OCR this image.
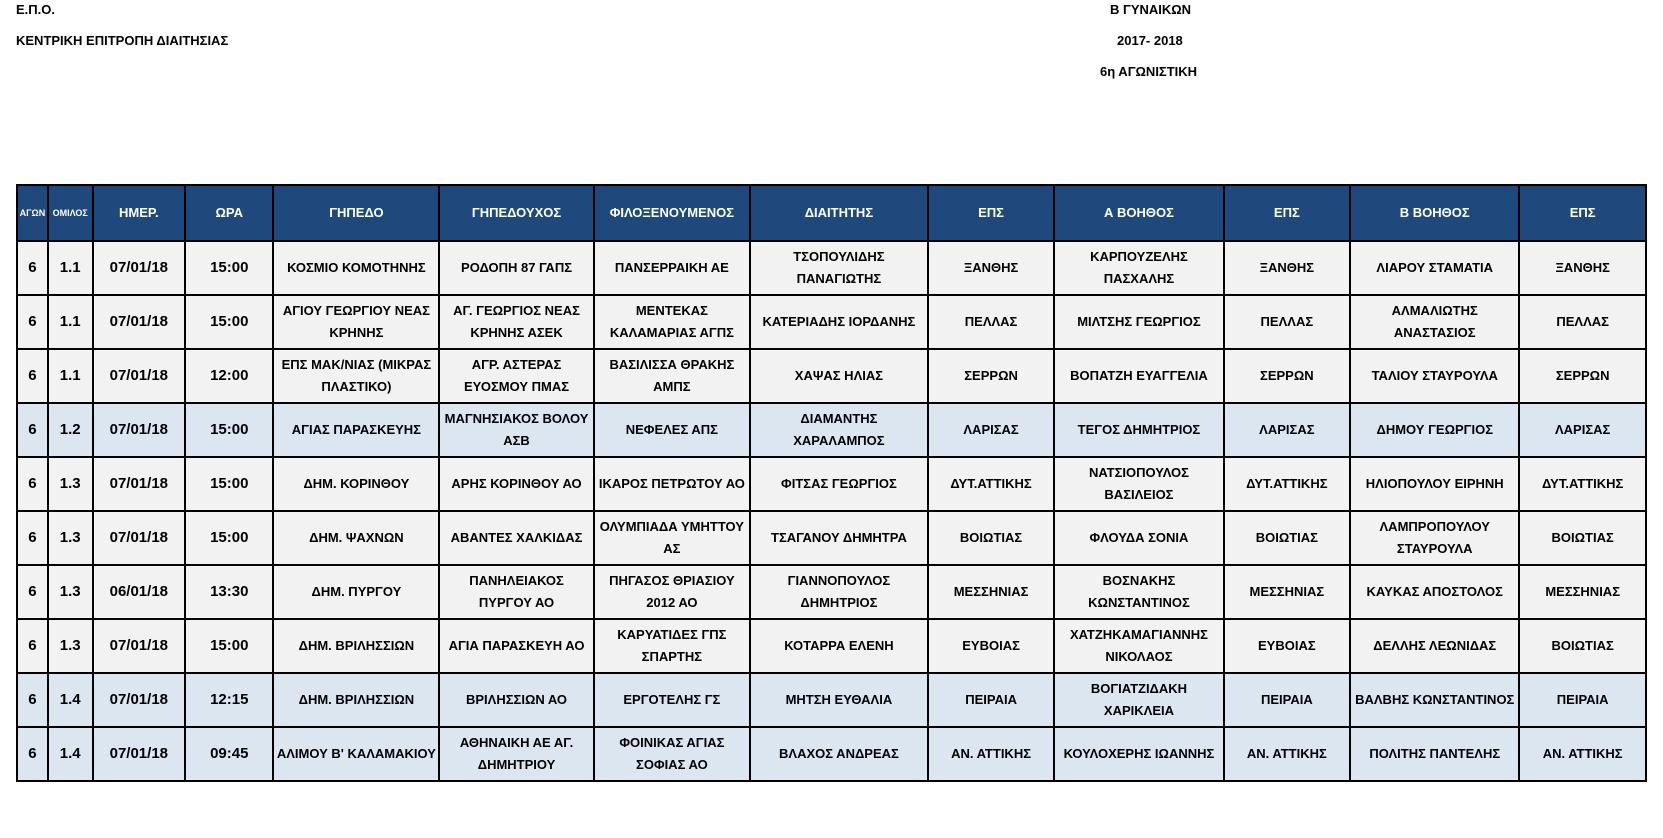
Ε.Π.Ο.
ΚΕΝΤΡΙΚΗ ΕΠΙΤΡΟΠΗ ΔΙΑΙΤΗΣΙΑΣ
Β ΓΥΝΑΙΚΩΝ
2017- 2018
6η ΑΓΩΝΙΣΤΙΚΗ
ΑΓΩΝ	ΟΜΙΛΟΣ	ΗΜΕΡ.	ΩΡΑ	ΓΗΠΕΔΟ	ΓΗΠΕΔΟΥΧΟΣ	ΦΙΛΟΞΕΝΟΥΜΕΝΟΣ	ΔΙΑΙΤΗΤΗΣ	ΕΠΣ	Α ΒΟΗΘΟΣ	ΕΠΣ	Β ΒΟΗΘΟΣ	ΕΠΣ
6	1.1	07/01/18	15:00	ΚΟΣΜΙΟ ΚΟΜΟΤΗΝΗΣ	ΡΟΔΟΠΗ 87 ΓΑΠΣ	ΠΑΝΣΕΡΡΑΙΚΗ ΑΕ	ΤΣΟΠΟΥΛΙΔΗΣ ΠΑΝΑΓΙΩΤΗΣ	ΞΑΝΘΗΣ	ΚΑΡΠΟΥΖΕΛΗΣ ΠΑΣΧΑΛΗΣ	ΞΑΝΘΗΣ	ΛΙΑΡΟΥ ΣΤΑΜΑΤΙΑ	ΞΑΝΘΗΣ
6	1.1	07/01/18	15:00	ΑΓΙΟΥ ΓΕΩΡΓΙΟΥ ΝΕΑΣ ΚΡΗΝΗΣ	ΑΓ. ΓΕΩΡΓΙΟΣ ΝΕΑΣ ΚΡΗΝΗΣ ΑΣΕΚ	ΜΕΝΤΕΚΑΣ ΚΑΛΑΜΑΡΙΑΣ ΑΓΠΣ	ΚΑΤΕΡΙΑΔΗΣ ΙΟΡΔΑΝΗΣ	ΠΕΛΛΑΣ	ΜΙΛΤΣΗΣ ΓΕΩΡΓΙΟΣ	ΠΕΛΛΑΣ	ΑΛΜΑΛΙΩΤΗΣ ΑΝΑΣΤΑΣΙΟΣ	ΠΕΛΛΑΣ
6	1.1	07/01/18	12:00	ΕΠΣ ΜΑΚ/ΝΙΑΣ (ΜΙΚΡΑΣ ΠΛΑΣΤΙΚΟ)	ΑΓΡ. ΑΣΤΕΡΑΣ ΕΥΟΣΜΟΥ ΠΜΑΣ	ΒΑΣΙΛΙΣΣΑ ΘΡΑΚΗΣ ΑΜΠΣ	ΧΑΨΑΣ ΗΛΙΑΣ	ΣΕΡΡΩΝ	ΒΟΠΑΤΖΗ ΕΥΑΓΓΕΛΙΑ	ΣΕΡΡΩΝ	ΤΑΛΙΟΥ ΣΤΑΥΡΟΥΛΑ	ΣΕΡΡΩΝ
6	1.2	07/01/18	15:00	ΑΓΙΑΣ ΠΑΡΑΣΚΕΥΗΣ	ΜΑΓΝΗΣΙΑΚΟΣ ΒΟΛΟΥ ΑΣΒ	ΝΕΦΕΛΕΣ ΑΠΣ	ΔΙΑΜΑΝΤΗΣ ΧΑΡΑΛΑΜΠΟΣ	ΛΑΡΙΣΑΣ	ΤΕΓΟΣ ΔΗΜΗΤΡΙΟΣ	ΛΑΡΙΣΑΣ	ΔΗΜΟΥ ΓΕΩΡΓΙΟΣ	ΛΑΡΙΣΑΣ
6	1.3	07/01/18	15:00	ΔΗΜ. ΚΟΡΙΝΘΟΥ	ΑΡΗΣ ΚΟΡΙΝΘΟΥ ΑΟ	ΙΚΑΡΟΣ ΠΕΤΡΩΤΟΥ ΑΟ	ΦΙΤΣΑΣ ΓΕΩΡΓΙΟΣ	ΔΥΤ.ΑΤΤΙΚΗΣ	ΝΑΤΣΙΟΠΟΥΛΟΣ ΒΑΣΙΛΕΙΟΣ	ΔΥΤ.ΑΤΤΙΚΗΣ	ΗΛΙΟΠΟΥΛΟΥ ΕΙΡΗΝΗ	ΔΥΤ.ΑΤΤΙΚΗΣ
6	1.3	07/01/18	15:00	ΔΗΜ. ΨΑΧΝΩΝ	ΑΒΑΝΤΕΣ ΧΑΛΚΙΔΑΣ	ΟΛΥΜΠΙΑΔΑ ΥΜΗΤΤΟΥ ΑΣ	ΤΣΑΓΑΝΟΥ ΔΗΜΗΤΡΑ	ΒΟΙΩΤΙΑΣ	ΦΛΟΥΔΑ ΣΟΝΙΑ	ΒΟΙΩΤΙΑΣ	ΛΑΜΠΡΟΠΟΥΛΟΥ ΣΤΑΥΡΟΥΛΑ	ΒΟΙΩΤΙΑΣ
6	1.3	06/01/18	13:30	ΔΗΜ. ΠΥΡΓΟΥ	ΠΑΝΗΛΕΙΑΚΟΣ ΠΥΡΓΟΥ ΑΟ	ΠΗΓΑΣΟΣ ΘΡΙΑΣΙΟΥ 2012 ΑΟ	ΓΙΑΝΝΟΠΟΥΛΟΣ ΔΗΜΗΤΡΙΟΣ	ΜΕΣΣΗΝΙΑΣ	ΒΟΣΝΑΚΗΣ ΚΩΝΣΤΑΝΤΙΝΟΣ	ΜΕΣΣΗΝΙΑΣ	ΚΑΥΚΑΣ ΑΠΟΣΤΟΛΟΣ	ΜΕΣΣΗΝΙΑΣ
6	1.3	07/01/18	15:00	ΔΗΜ. ΒΡΙΛΗΣΣΙΩΝ	ΑΓΙΑ ΠΑΡΑΣΚΕΥΗ ΑΟ	ΚΑΡΥΑΤΙΔΕΣ ΓΠΣ ΣΠΑΡΤΗΣ	ΚΟΤΑΡΡΑ ΕΛΕΝΗ	ΕΥΒΟΙΑΣ	ΧΑΤΖΗΚΑΜΑΓΙΑΝΝΗΣ ΝΙΚΟΛΑΟΣ	ΕΥΒΟΙΑΣ	ΔΕΛΛΗΣ ΛΕΩΝΙΔΑΣ	ΒΟΙΩΤΙΑΣ
6	1.4	07/01/18	12:15	ΔΗΜ. ΒΡΙΛΗΣΣΙΩΝ	ΒΡΙΛΗΣΣΙΩΝ ΑΟ	ΕΡΓΟΤΕΛΗΣ ΓΣ	ΜΗΤΣΗ ΕΥΘΑΛΙΑ	ΠΕΙΡΑΙΑ	ΒΟΓΙΑΤΖΙΔΑΚΗ ΧΑΡΙΚΛΕΙΑ	ΠΕΙΡΑΙΑ	ΒΑΛΒΗΣ ΚΩΝΣΤΑΝΤΙΝΟΣ	ΠΕΙΡΑΙΑ
6	1.4	07/01/18	09:45	ΑΛΙΜΟΥ Β' ΚΑΛΑΜΑΚΙΟΥ	ΑΘΗΝΑΙΚΗ ΑΕ ΑΓ. ΔΗΜΗΤΡΙΟΥ	ΦΟΙΝΙΚΑΣ ΑΓΙΑΣ ΣΟΦΙΑΣ ΑΟ	ΒΛΑΧΟΣ ΑΝΔΡΕΑΣ	ΑΝ. ΑΤΤΙΚΗΣ	ΚΟΥΛΟΧΕΡΗΣ ΙΩΑΝΝΗΣ	ΑΝ. ΑΤΤΙΚΗΣ	ΠΟΛΙΤΗΣ ΠΑΝΤΕΛΗΣ	ΑΝ. ΑΤΤΙΚΗΣ
